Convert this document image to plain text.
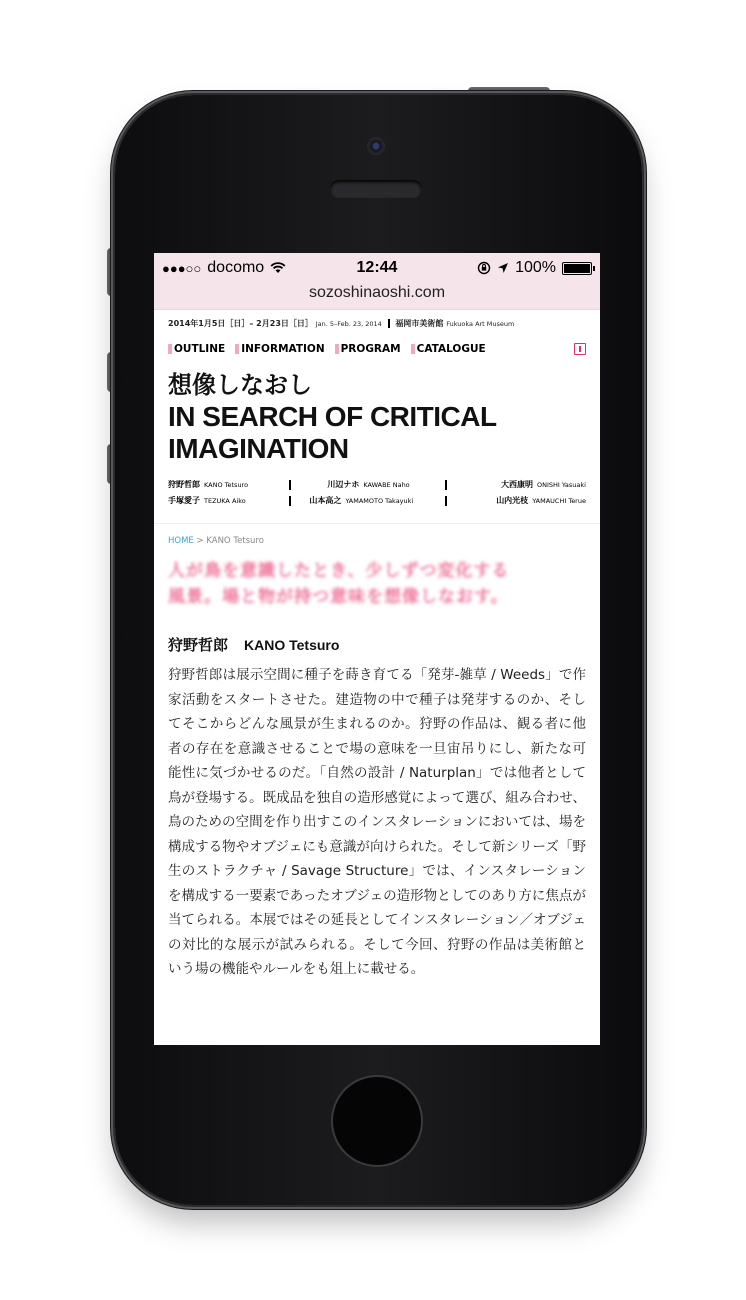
●●●○○ docomo	12:44	100%
sozoshinaoshi.com
2014年1月5日［日］– 2月23日［日］ Jan. 5–Feb. 23, 2014 福岡市美術館 Fukuoka Art Museum
OUTLINE INFORMATION PROGRAM CATALOGUE
想像しなおし
IN SEARCH OF CRITICAL
IMAGINATION
狩野哲郎 KANO Tetsuro	川辺ナホ KAWABE Naho	大西康明 ONISHI Yasuaki
手塚愛子 TEZUKA Aiko	山本高之 YAMAMOTO Takayuki	山内光枝 YAMAUCHI Terue
HOME > KANO Tetsuro
人が鳥を意識したとき、少しずつ変化する
風景。場と物が持つ意味を想像しなおす。
狩野哲郎 KANO Tetsuro
狩野哲郎は展示空間に種子を蒔き育てる「発芽-雑草 / Weeds」で作家活動をスタートさせた。建造物の中で種子は発芽するのか、そしてそこからどんな風景が生まれるのか。狩野の作品は、観る者に他者の存在を意識させることで場の意味を一旦宙吊りにし、新たな可能性に気づかせるのだ。「自然の設計 / Naturplan」では他者として鳥が登場する。既成品を独自の造形感覚によって選び、組み合わせ、鳥のための空間を作り出すこのインスタレーションにおいては、場を構成する物やオブジェにも意識が向けられた。そして新シリーズ「野生のストラクチャ / Savage Structure」では、インスタレーションを構成する一要素であったオブジェの造形物としてのあり方に焦点が当てられる。本展ではその延長としてインスタレーション／オブジェの対比的な展示が試みられる。そして今回、狩野の作品は美術館という場の機能やルールをも俎上に載せる。
